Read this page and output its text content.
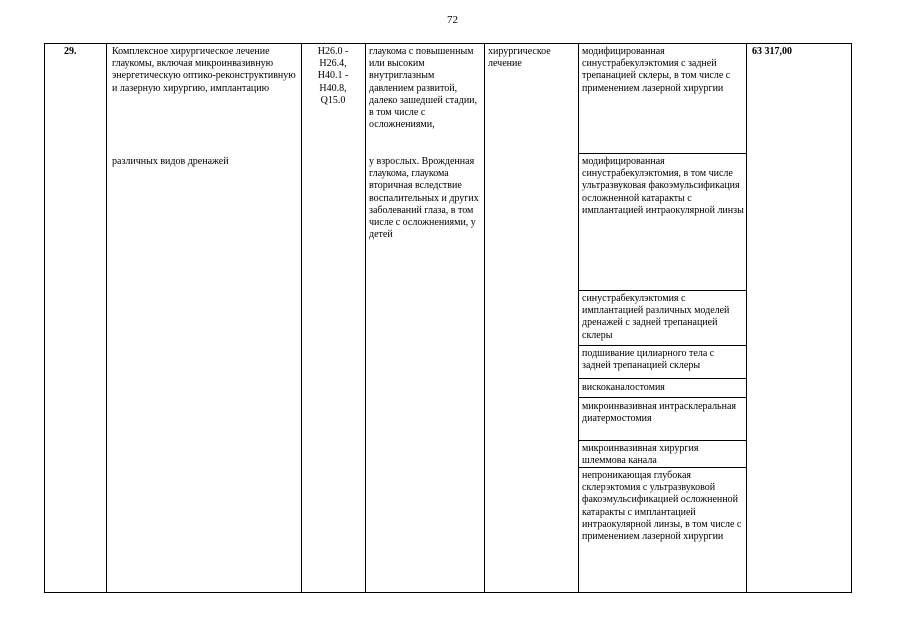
72
29.	Комплексное хирургическое лечение глаукомы, включая микроинвазивную энергетическую оптико-реконструктивную и лазерную хирургию, имплантацию
различных видов дренажей
H26.0 - H26.4, H40.1 - H40.8, Q15.0
глаукома с повышенным или высоким внутриглазным давлением развитой, далеко зашедшей стадии, в том числе с осложнениями,
у взрослых. Врожденная глаукома, глаукома вторичная вследствие воспалительных и других заболеваний глаза, в том числе с осложнениями, у детей
хирургическое лечение
модифицированная синустрабекулэктомия с задней трепанацией склеры, в том числе с применением лазерной хирургии
модифицированная синустрабекулэктомия, в том числе ультразвуковая факоэмульсификация осложненной катаракты с имплантацией интраокулярной линзы
синустрабекулэктомия с имплантацией различных моделей дренажей с задней трепанацией склеры
подшивание цилиарного тела с задней трепанацией склеры
вискоканалостомия
микроинвазивная интрасклеральная диатермостомия
микроинвазивная хирургия шлеммова канала
непроникающая глубокая склерэктомия с ультразвуковой факоэмульсификацией осложненной катаракты с имплантацией интраокулярной линзы, в том числе с применением лазерной хирургии
63 317,00
